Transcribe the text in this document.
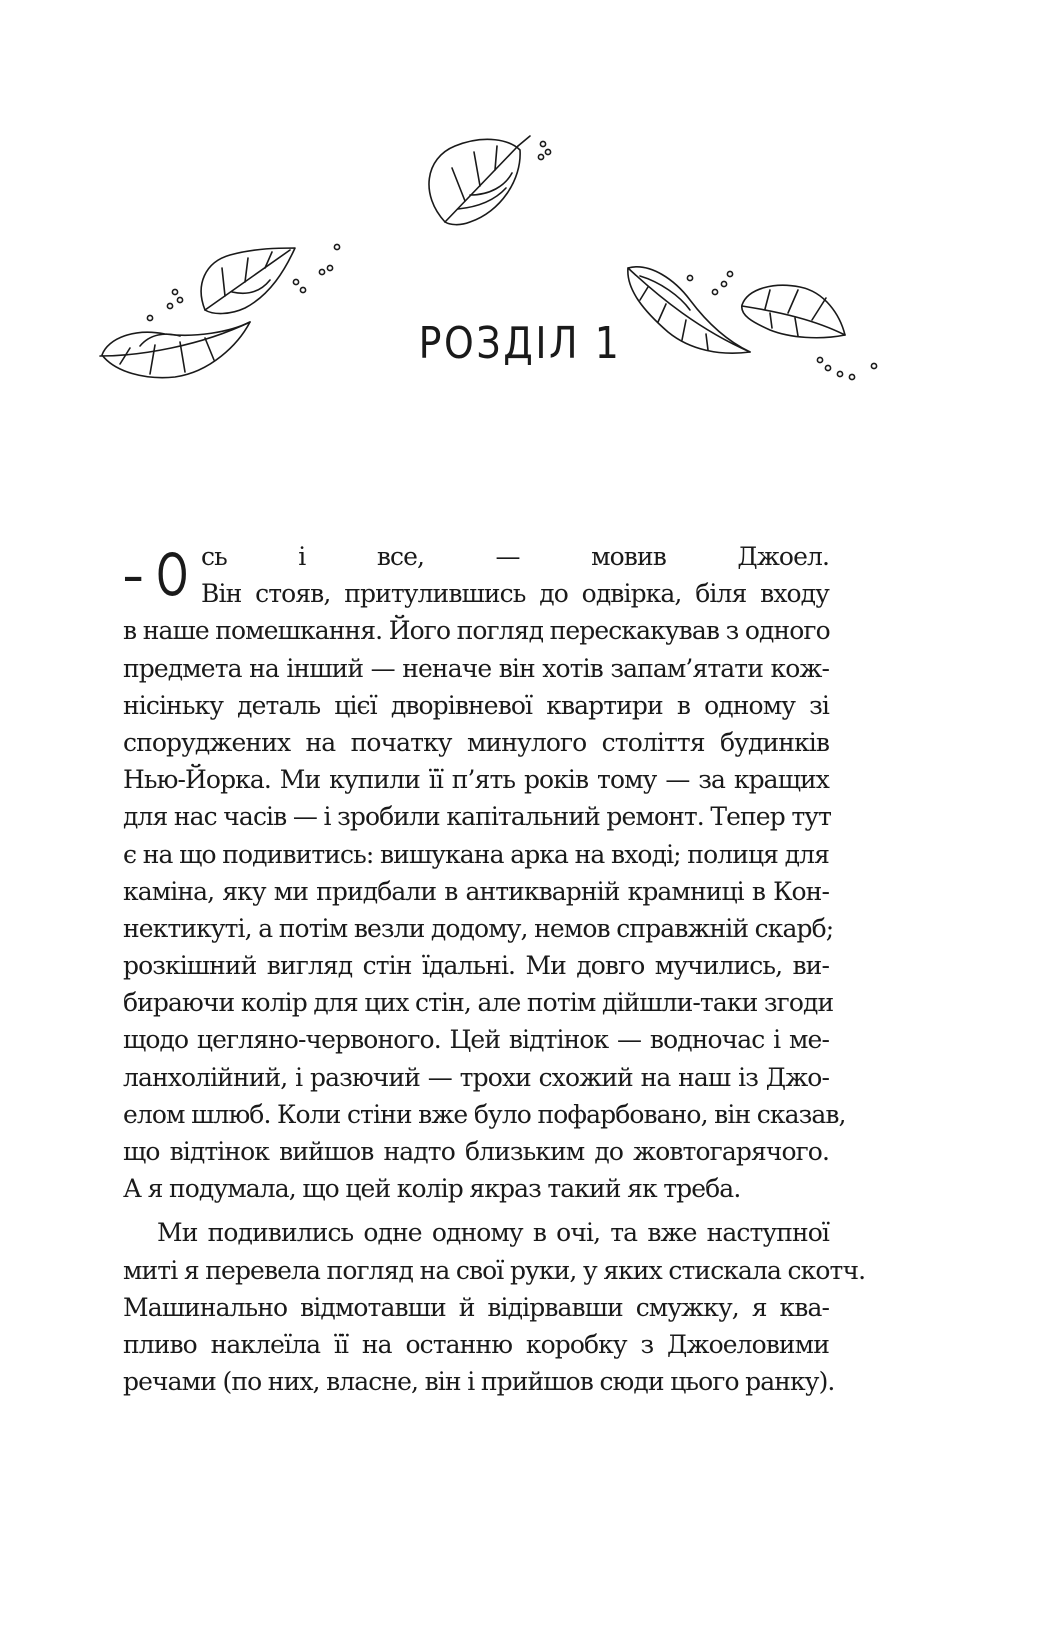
РОЗДІЛ 1
– О сь і все, — мовив Джоел.
Він стояв, притулившись до одвірка, біля входу
в наше помешкання. Його погляд перескакував з одного
предмета на інший — неначе він хотів запам’ятати кож-
нісіньку деталь цієї дворівневої квартири в одному зі
споруджених на початку минулого століття будинків
Нью-Йорка. Ми купили її п’ять років тому — за кращих
для нас часів — і зробили капітальний ремонт. Тепер тут
є на що подивитись: вишукана арка на вході; полиця для
каміна, яку ми придбали в антикварній крамниці в Кон-
нектикуті, а потім везли додому, немов справжній скарб;
розкішний вигляд стін їдальні. Ми довго мучились, ви-
бираючи колір для цих стін, але потім дійшли-таки згоди
щодо цегляно-червоного. Цей відтінок — водночас і ме-
ланхолійний, і разючий — трохи схожий на наш із Джо-
елом шлюб. Коли стіни вже було пофарбовано, він сказав,
що відтінок вийшов надто близьким до жовтогарячого.
А я подумала, що цей колір якраз такий як треба.
Ми подивились одне одному в очі, та вже наступної
миті я перевела погляд на свої руки, у яких стискала скотч.
Машинально відмотавши й відірвавши смужку, я ква-
пливо наклеїла її на останню коробку з Джоеловими
речами (по них, власне, він і прийшов сюди цього ранку).
